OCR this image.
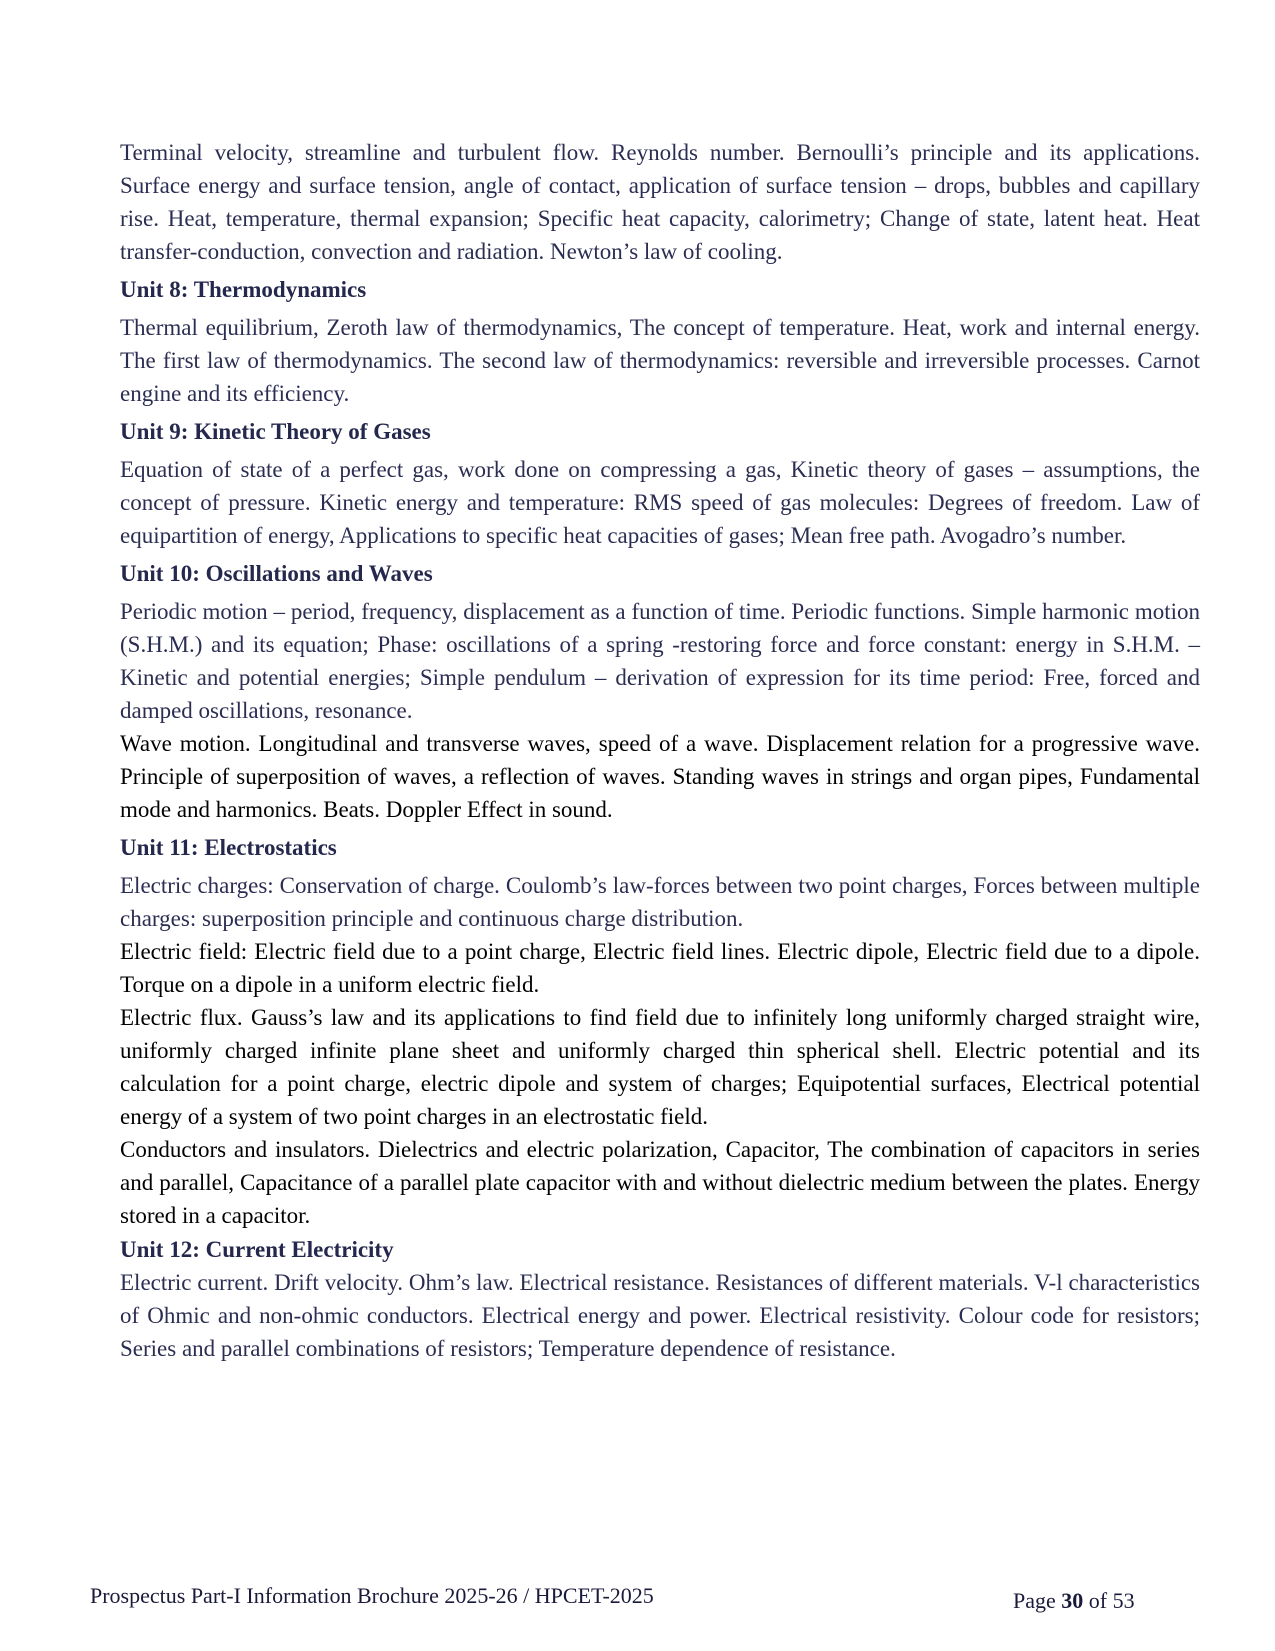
Terminal velocity, streamline and turbulent flow. Reynolds number. Bernoulli’s principle and its applications. Surface energy and surface tension, angle of contact, application of surface tension – drops, bubbles and capillary rise. Heat, temperature, thermal expansion; Specific heat capacity, calorimetry; Change of state, latent heat. Heat transfer-conduction, convection and radiation. Newton’s law of cooling.

Unit 8: Thermodynamics

Thermal equilibrium, Zeroth law of thermodynamics, The concept of temperature. Heat, work and internal energy. The first law of thermodynamics. The second law of thermodynamics: reversible and irreversible processes. Carnot engine and its efficiency.

Unit 9: Kinetic Theory of Gases

Equation of state of a perfect gas, work done on compressing a gas, Kinetic theory of gases – assumptions, the concept of pressure. Kinetic energy and temperature: RMS speed of gas molecules: Degrees of freedom. Law of equipartition of energy, Applications to specific heat capacities of gases; Mean free path. Avogadro’s number.

Unit 10: Oscillations and Waves

Periodic motion – period, frequency, displacement as a function of time. Periodic functions. Simple harmonic motion (S.H.M.) and its equation; Phase: oscillations of a spring -restoring force and force constant: energy in S.H.M. – Kinetic and potential energies; Simple pendulum – derivation of expression for its time period: Free, forced and damped oscillations, resonance.

Wave motion. Longitudinal and transverse waves, speed of a wave. Displacement relation for a progressive wave. Principle of superposition of waves, a reflection of waves. Standing waves in strings and organ pipes, Fundamental mode and harmonics. Beats. Doppler Effect in sound.

Unit 11: Electrostatics

Electric charges: Conservation of charge. Coulomb’s law-forces between two point charges, Forces between multiple charges: superposition principle and continuous charge distribution.

Electric field: Electric field due to a point charge, Electric field lines. Electric dipole, Electric field due to a dipole. Torque on a dipole in a uniform electric field.

Electric flux. Gauss’s law and its applications to find field due to infinitely long uniformly charged straight wire, uniformly charged infinite plane sheet and uniformly charged thin spherical shell. Electric potential and its calculation for a point charge, electric dipole and system of charges; Equipotential surfaces, Electrical potential energy of a system of two point charges in an electrostatic field.

Conductors and insulators. Dielectrics and electric polarization, Capacitor, The combination of capacitors in series and parallel, Capacitance of a parallel plate capacitor with and without dielectric medium between the plates. Energy stored in a capacitor.

Unit 12: Current Electricity

Electric current. Drift velocity. Ohm’s law. Electrical resistance. Resistances of different materials. V-l characteristics of Ohmic and non-ohmic conductors. Electrical energy and power. Electrical resistivity. Colour code for resistors; Series and parallel combinations of resistors; Temperature dependence of resistance.

Prospectus Part-I Information Brochure 2025-26 / HPCET-2025	Page 30 of 53
